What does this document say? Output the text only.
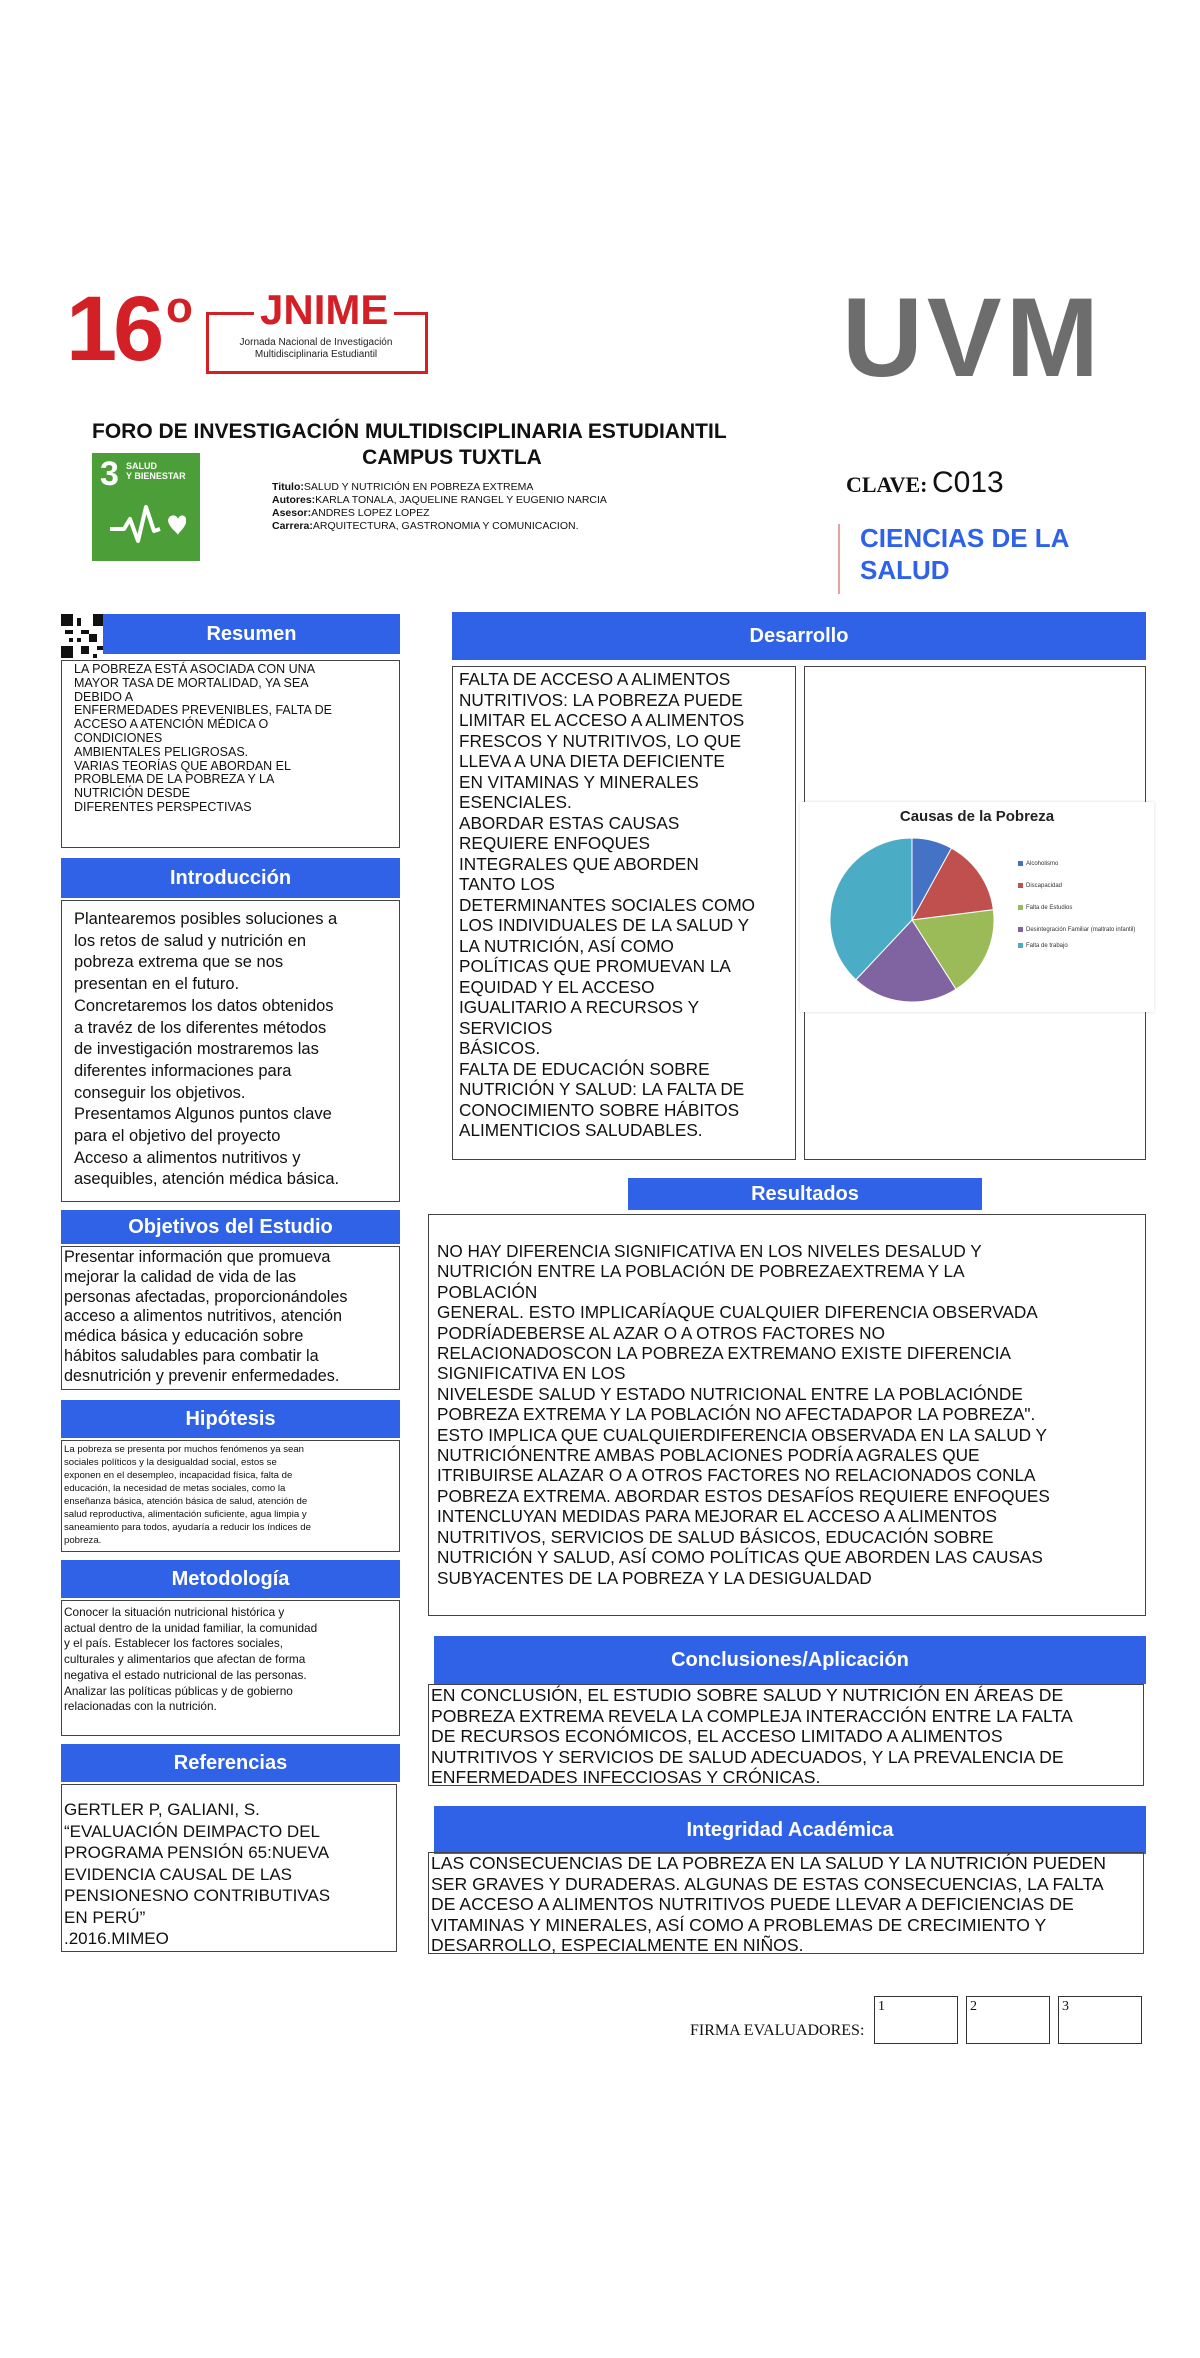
16 o JNIME
Jornada Nacional de Investigación
Multidisciplinaria Estudiantil	UVM
FORO DE INVESTIGACIÓN MULTIDISCIPLINARIA ESTUDIANTIL
CAMPUS TUXTLA
3 SALUD
Y BIENESTAR
Titulo:SALUD Y NUTRICIÓN EN POBREZA EXTREMA
Autores:KARLA TONALA, JAQUELINE RANGEL Y EUGENIO NARCIA
Asesor:ANDRES LOPEZ LOPEZ
Carrera:ARQUITECTURA, GASTRONOMIA Y COMUNICACION.
CLAVE: C013
CIENCIAS DE LA
SALUD
Resumen
LA POBREZA ESTÁ ASOCIADA CON UNA
MAYOR TASA DE MORTALIDAD, YA SEA
DEBIDO A
ENFERMEDADES PREVENIBLES, FALTA DE
ACCESO A ATENCIÓN MÉDICA O
CONDICIONES
AMBIENTALES PELIGROSAS.
VARIAS TEORÍAS QUE ABORDAN EL
PROBLEMA DE LA POBREZA Y LA
NUTRICIÓN DESDE
DIFERENTES PERSPECTIVAS
Introducción
Plantearemos posibles soluciones a
los retos de salud y nutrición en
pobreza extrema que se nos
presentan en el futuro.
Concretaremos los datos obtenidos
a travéz de los diferentes métodos
de investigación mostraremos las
diferentes informaciones para
conseguir los objetivos.
Presentamos Algunos puntos clave
para el objetivo del proyecto
Acceso a alimentos nutritivos y
asequibles, atención médica básica.
Objetivos del Estudio
Presentar información que promueva
mejorar la calidad de vida de las
personas afectadas, proporcionándoles
acceso a alimentos nutritivos, atención
médica básica y educación sobre
hábitos saludables para combatir la
desnutrición y prevenir enfermedades.
Hipótesis
La pobreza se presenta por muchos fenómenos ya sean
sociales políticos y la desigualdad social, estos se
exponen en el desempleo, incapacidad física, falta de
educación, la necesidad de metas sociales, como la
enseñanza básica, atención básica de salud, atención de
salud reproductiva, alimentación suficiente, agua limpia y
saneamiento para todos, ayudaría a reducir los índices de
pobreza.
Metodología
Conocer la situación nutricional histórica y
actual dentro de la unidad familiar, la comunidad
y el país. Establecer los factores sociales,
culturales y alimentarios que afectan de forma
negativa el estado nutricional de las personas.
Analizar las políticas públicas y de gobierno
relacionadas con la nutrición.
Referencias
GERTLER P, GALIANI, S.
“EVALUACIÓN DEIMPACTO DEL
PROGRAMA PENSIÓN 65:NUEVA
EVIDENCIA CAUSAL DE LAS
PENSIONESNO CONTRIBUTIVAS
EN PERÚ”
.2016.MIMEO
Desarrollo
FALTA DE ACCESO A ALIMENTOS
NUTRITIVOS: LA POBREZA PUEDE
LIMITAR EL ACCESO A ALIMENTOS
FRESCOS Y NUTRITIVOS, LO QUE
LLEVA A UNA DIETA DEFICIENTE
EN VITAMINAS Y MINERALES
ESENCIALES.
ABORDAR ESTAS CAUSAS
REQUIERE ENFOQUES
INTEGRALES QUE ABORDEN
TANTO LOS
DETERMINANTES SOCIALES COMO
LOS INDIVIDUALES DE LA SALUD Y
LA NUTRICIÓN, ASÍ COMO
POLÍTICAS QUE PROMUEVAN LA
EQUIDAD Y EL ACCESO
IGUALITARIO A RECURSOS Y
SERVICIOS
BÁSICOS.
FALTA DE EDUCACIÓN SOBRE
NUTRICIÓN Y SALUD: LA FALTA DE
CONOCIMIENTO SOBRE HÁBITOS
ALIMENTICIOS SALUDABLES.
Causas de la Pobreza
Alcoholismo
Discapacidad
Falta de Estudios
Desintegración Familiar (maltrato infantil)
Falta de trabajo
Resultados
NO HAY DIFERENCIA SIGNIFICATIVA EN LOS NIVELES DESALUD Y
NUTRICIÓN ENTRE LA POBLACIÓN DE POBREZAEXTREMA Y LA
POBLACIÓN
GENERAL. ESTO IMPLICARÍAQUE CUALQUIER DIFERENCIA OBSERVADA
PODRÍADEBERSE AL AZAR O A OTROS FACTORES NO
RELACIONADOSCON LA POBREZA EXTREMANO EXISTE DIFERENCIA
SIGNIFICATIVA EN LOS
NIVELESDE SALUD Y ESTADO NUTRICIONAL ENTRE LA POBLACIÓNDE
POBREZA EXTREMA Y LA POBLACIÓN NO AFECTADAPOR LA POBREZA".
ESTO IMPLICA QUE CUALQUIERDIFERENCIA OBSERVADA EN LA SALUD Y
NUTRICIÓNENTRE AMBAS POBLACIONES PODRÍA AGRALES QUE
ITRIBUIRSE ALAZAR O A OTROS FACTORES NO RELACIONADOS CONLA
POBREZA EXTREMA. ABORDAR ESTOS DESAFÍOS REQUIERE ENFOQUES
INTENCLUYAN MEDIDAS PARA MEJORAR EL ACCESO A ALIMENTOS
NUTRITIVOS, SERVICIOS DE SALUD BÁSICOS, EDUCACIÓN SOBRE
NUTRICIÓN Y SALUD, ASÍ COMO POLÍTICAS QUE ABORDEN LAS CAUSAS
SUBYACENTES DE LA POBREZA Y LA DESIGUALDAD
Conclusiones/Aplicación
EN CONCLUSIÓN, EL ESTUDIO SOBRE SALUD Y NUTRICIÓN EN ÁREAS DE
POBREZA EXTREMA REVELA LA COMPLEJA INTERACCIÓN ENTRE LA FALTA
DE RECURSOS ECONÓMICOS, EL ACCESO LIMITADO A ALIMENTOS
NUTRITIVOS Y SERVICIOS DE SALUD ADECUADOS, Y LA PREVALENCIA DE
ENFERMEDADES INFECCIOSAS Y CRÓNICAS.
Integridad Académica
LAS CONSECUENCIAS DE LA POBREZA EN LA SALUD Y LA NUTRICIÓN PUEDEN
SER GRAVES Y DURADERAS. ALGUNAS DE ESTAS CONSECUENCIAS, LA FALTA
DE ACCESO A ALIMENTOS NUTRITIVOS PUEDE LLEVAR A DEFICIENCIAS DE
VITAMINAS Y MINERALES, ASÍ COMO A PROBLEMAS DE CRECIMIENTO Y
DESARROLLO, ESPECIALMENTE EN NIÑOS.
FIRMA EVALUADORES:
1	2	3
